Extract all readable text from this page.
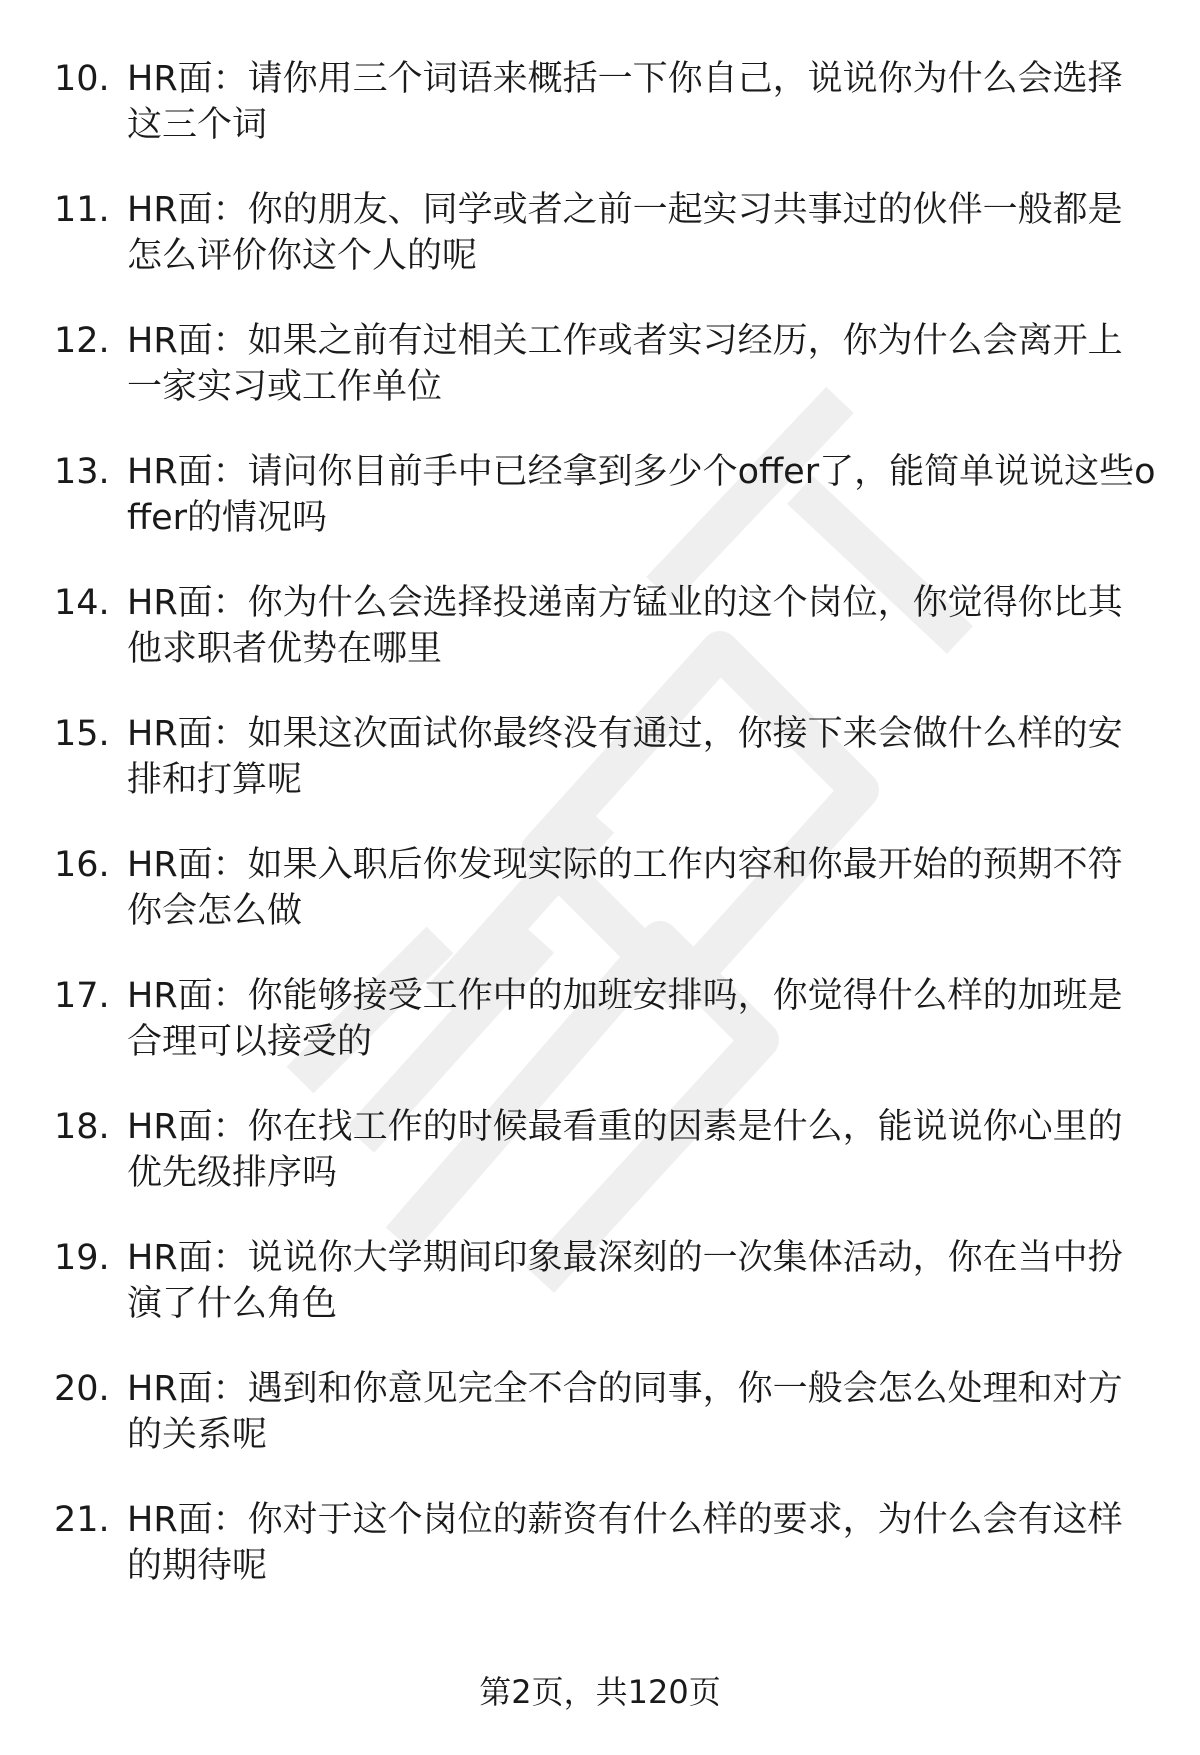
10. HR面：请你用三个词语来概括一下你自己，说说你为什么会选择这三个词
11. HR面：你的朋友、同学或者之前一起实习共事过的伙伴一般都是怎么评价你这个人的呢
12. HR面：如果之前有过相关工作或者实习经历，你为什么会离开上一家实习或工作单位
13. HR面：请问你目前手中已经拿到多少个offer了，能简单说说这些offer的情况吗
14. HR面：你为什么会选择投递南方锰业的这个岗位，你觉得你比其他求职者优势在哪里
15. HR面：如果这次面试你最终没有通过，你接下来会做什么样的安排和打算呢
16. HR面：如果入职后你发现实际的工作内容和你最开始的预期不符你会怎么做
17. HR面：你能够接受工作中的加班安排吗，你觉得什么样的加班是合理可以接受的
18. HR面：你在找工作的时候最看重的因素是什么，能说说你心里的优先级排序吗
19. HR面：说说你大学期间印象最深刻的一次集体活动，你在当中扮演了什么角色
20. HR面：遇到和你意见完全不合的同事，你一般会怎么处理和对方的关系呢
21. HR面：你对于这个岗位的薪资有什么样的要求，为什么会有这样的期待呢
第2页，共120页
